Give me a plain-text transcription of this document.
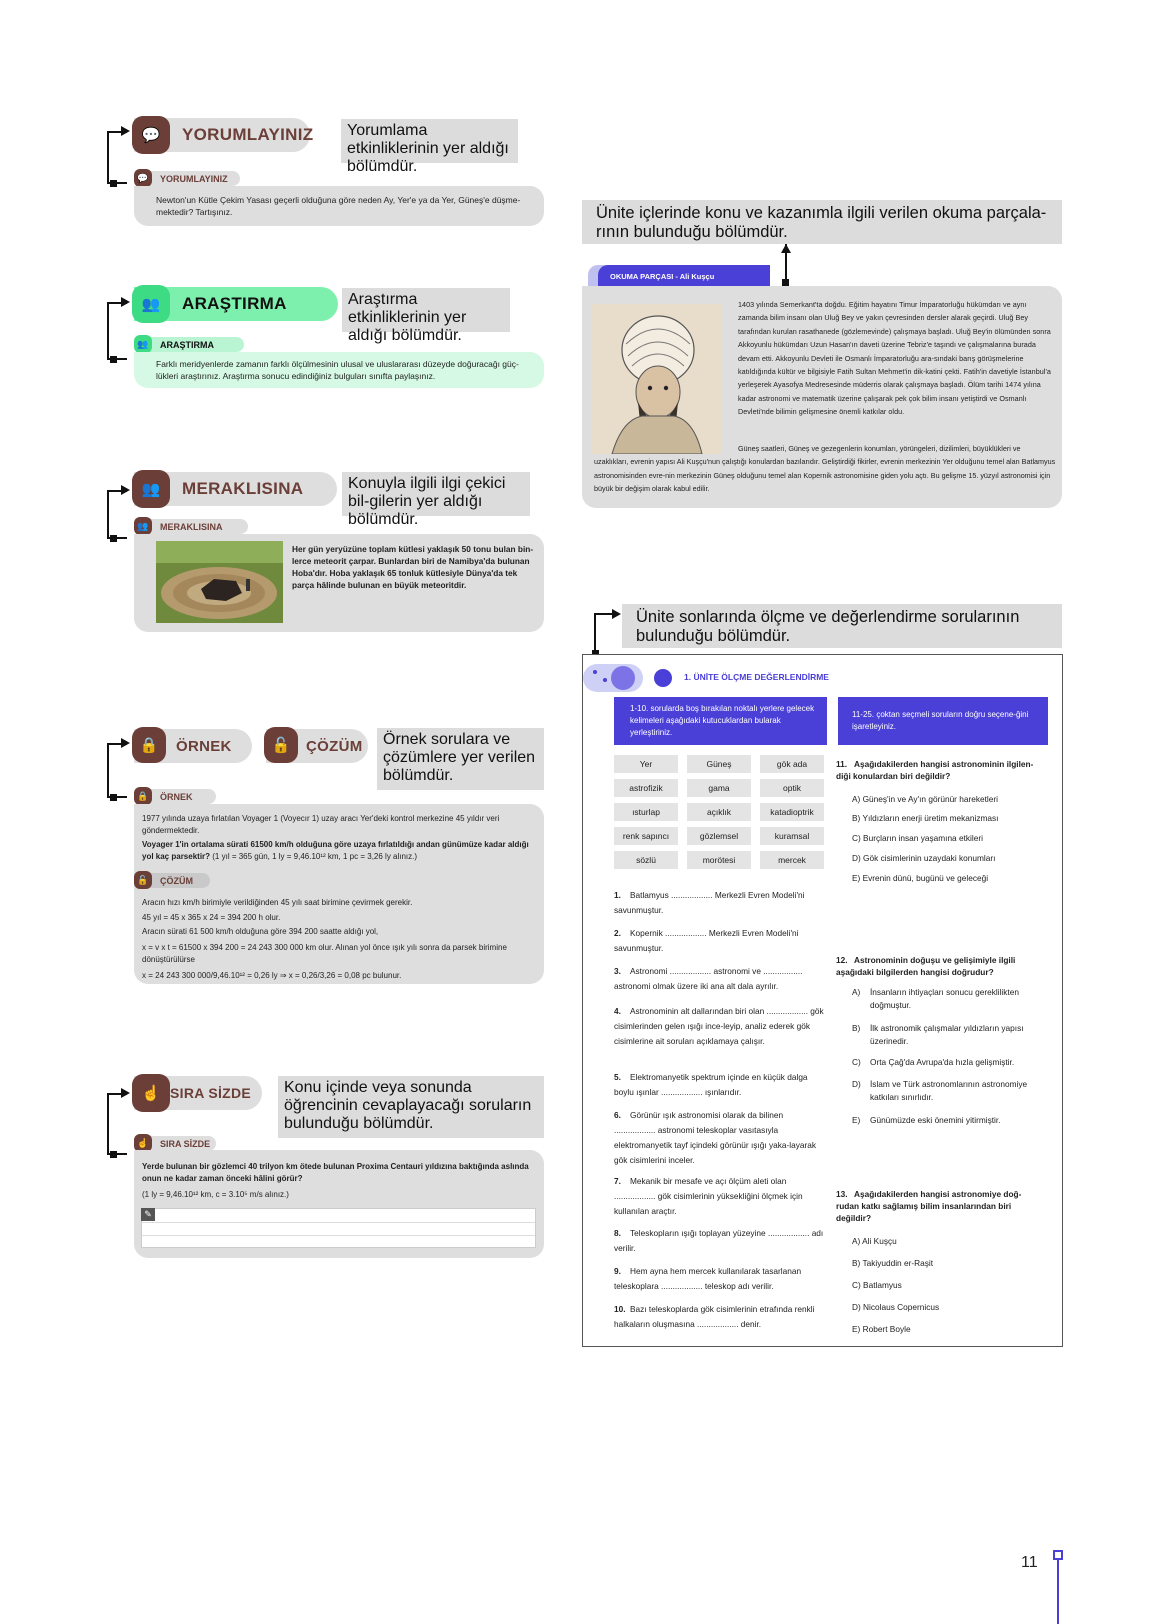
YORUMLAYINIZ
💬	Yorumlama etkinliklerinin yer aldığı bölümdür.
YORUMLAYINIZ
💬
Newton'un Kütle Çekim Yasası geçerli olduğuna göre neden Ay, Yer'e ya da Yer, Güneş'e düşme-mektedir? Tartışınız.
ARAŞTIRMA
👥	Araştırma etkinliklerinin yer aldığı bölümdür.
ARAŞTIRMA
👥
Farklı meridyenlerde zamanın farklı ölçülmesinin ulusal ve uluslararası düzeyde doğuracağı güç-lükleri araştırınız. Araştırma sonucu edindiğiniz bulguları sınıfta paylaşınız.
MERAKLISINA
👥	Konuyla ilgili ilgi çekici bil-gilerin yer aldığı bölümdür.
MERAKLISINA
👥
Her gün yeryüzüne toplam kütlesi yaklaşık 50 tonu bulan bin-lerce meteorit çarpar. Bunlardan biri de Namibya'da bulunan Hoba'dır. Hoba yaklaşık 65 tonluk kütlesiyle Dünya'da tek parça hâlinde bulunan en büyük meteoritdir.
ÖRNEK
🔒	ÇÖZÜM
🔓	Örnek sorulara ve çözümlere yer verilen bölümdür.
ÖRNEK
🔒
1977 yılında uzaya fırlatılan Voyager 1 (Voyecır 1) uzay aracı Yer'deki kontrol merkezine 45 yıldır veri göndermektedir.
Voyager 1'in ortalama sürati 61500 km/h olduğuna göre uzaya fırlatıldığı andan günümüze kadar aldığı yol kaç parsektir? (1 yıl = 365 gün, 1 ly = 9,46.10¹² km, 1 pc = 3,26 ly alınız.)
ÇÖZÜM
🔓
Aracın hızı km/h birimiyle verildiğinden 45 yılı saat birimine çevirmek gerekir.
45 yıl = 45 x 365 x 24 = 394 200 h olur.
Aracın sürati 61 500 km/h olduğuna göre 394 200 saatte aldığı yol,
x = v x t = 61500 x 394 200 = 24 243 300 000 km olur. Alınan yol önce ışık yılı sonra da parsek birimine dönüştürülürse
x = 24 243 300 000/9,46.10¹² = 0,26 ly ⇒ x = 0,26/3,26 = 0,08 pc bulunur.
SIRA SİZDE
☝	Konu içinde veya sonunda öğrencinin cevaplayacağı soruların bulunduğu bölümdür.
SIRA SİZDE
☝
Yerde bulunan bir gözlemci 40 trilyon km ötede bulunan Proxima Centauri yıldızına baktığında aslında onun ne kadar zaman önceki hâlini görür?
(1 ly = 9,46.10¹² km, c = 3.10⁵ m/s alınız.)
✎
Ünite içlerinde konu ve kazanımla ilgili verilen okuma parçala-rının bulunduğu bölümdür.
OKUMA PARÇASI - Ali Kuşçu
1403 yılında Semerkant'ta doğdu. Eğitim hayatını Timur İmparatorluğu hükümdarı ve aynı zamanda bilim insanı olan Uluğ Bey ve yakın çevresinden dersler alarak geçirdi. Uluğ Bey tarafından kurulan rasathanede (gözlemevinde) çalışmaya başladı. Uluğ Bey'in ölümünden sonra Akkoyunlu hükümdarı Uzun Hasan'ın daveti üzerine Tebriz'e taşındı ve çalışmalarına burada devam etti. Akkoyunlu Devleti ile Osmanlı İmparatorluğu ara-sındaki barış görüşmelerine katıldığında kültür ve bilgisiyle Fatih Sultan Mehmet'in dik-katini çekti. Fatih'in davetiyle İstanbul'a yerleşerek Ayasofya Medresesinde müderris olarak çalışmaya başladı. Ölüm tarihi 1474 yılına kadar astronomi ve matematik üzerine çalışarak pek çok bilim insanı yetiştirdi ve Osmanlı Devleti'nde bilimin gelişmesine önemli katkılar oldu.
Güneş saatleri, Güneş ve gezegenlerin konumları, yörüngeleri, dizilimleri, büyüklükleri ve uzaklıkları, evrenin yapısı Ali Kuşçu'nun çalıştığı konulardan bazılarıdır. Geliştirdiği fikirler, evrenin merkezinin Yer olduğunu temel alan Batlamyus astronomisinden evre-nin merkezinin Güneş olduğunu temel alan Kopernik astronomisine giden yolu açtı. Bu gelişme 15. yüzyıl astronomisi için büyük bir değişim olarak kabul edilir.
Ünite sonlarında ölçme ve değerlendirme sorularının bulunduğu bölümdür.
1. ÜNİTE ÖLÇME DEĞERLENDİRME
1-10. sorularda boş bırakılan noktalı yerlere gelecek kelimeleri aşağıdaki kutucuklardan bularak yerleştiriniz.
11-25. çoktan seçmeli soruların doğru seçene-ğini işaretleyiniz.
Yer	Güneş	gök ada
astrofizik	gama	optik
ısturlap	açıklık	katadioptrik
renk sapıncı	gözlemsel	kuramsal
sözlü	morötesi	mercek
1. Batlamyus .................. Merkezli Evren Modeli'ni savunmuştur.
2. Kopernik .................. Merkezli Evren Modeli'ni savunmuştur.
3. Astronomi .................. astronomi ve ................. astronomi olmak üzere iki ana alt dala ayrılır.
4. Astronominin alt dallarından biri olan .................. gök cisimlerinden gelen ışığı ince-leyip, analiz ederek gök cisimlerine ait soruları açıklamaya çalışır.
5. Elektromanyetik spektrum içinde en küçük dalga boylu ışınlar .................. ışınlarıdır.
6. Görünür ışık astronomisi olarak da bilinen .................. astronomi teleskoplar vasıtasıyla elektromanyetik tayf içindeki görünür ışığı yaka-layarak gök cisimlerini inceler.
7. Mekanik bir mesafe ve açı ölçüm aleti olan .................. gök cisimlerinin yüksekliğini ölçmek için kullanılan araçtır.
8. Teleskopların ışığı toplayan yüzeyine .................. adı verilir.
9. Hem ayna hem mercek kullanılarak tasarlanan teleskoplara .................. teleskop adı verilir.
10. Bazı teleskoplarda gök cisimlerinin etrafında renkli halkaların oluşmasına .................. denir.
11. Aşağıdakilerden hangisi astronominin ilgilen-diği konulardan biri değildir?
A) Güneş'in ve Ay'ın görünür hareketleri
B) Yıldızların enerji üretim mekanizması
C) Burçların insan yaşamına etkileri
D) Gök cisimlerinin uzaydaki konumları
E) Evrenin dünü, bugünü ve geleceği
12. Astronominin doğuşu ve gelişimiyle ilgili aşağıdaki bilgilerden hangisi doğrudur?
A) İnsanların ihtiyaçları sonucu gereklilikten doğmuştur.
B) İlk astronomik çalışmalar yıldızların yapısı üzerinedir.
C) Orta Çağ'da Avrupa'da hızla gelişmiştir.
D) İslam ve Türk astronomlarının astronomiye katkıları sınırlıdır.
E) Günümüzde eski önemini yitirmiştir.
13. Aşağıdakilerden hangisi astronomiye doğ-rudan katkı sağlamış bilim insanlarından biri değildir?
A) Ali Kuşçu
B) Takiyuddin er-Raşit
C) Batlamyus
D) Nicolaus Copernicus
E) Robert Boyle
11
